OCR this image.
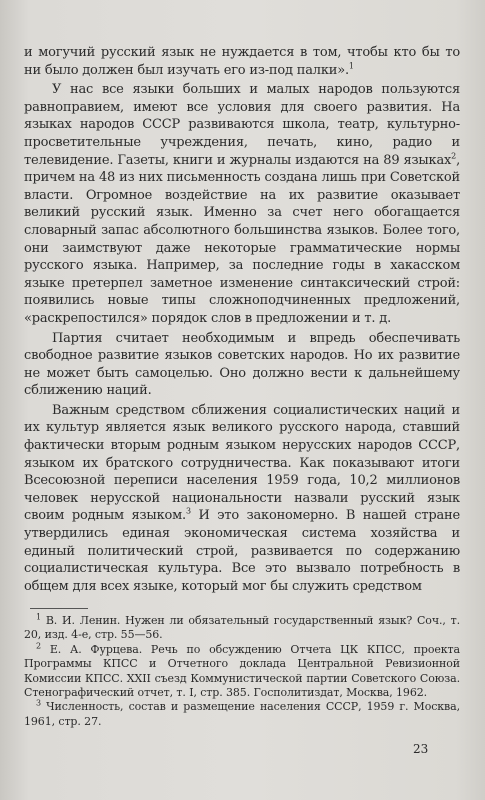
и могучий русский язык не нуждается в том, чтобы кто бы то ни было должен был изучать его из-под палки».$^1$

У нас все языки больших и малых народов пользуются равноправием, имеют все условия для своего развития. На языках народов СССР развиваются школа, театр, культурно-просветительные учреждения, печать, кино, радио и телевидение. Газеты, книги и журналы издаются на 89 языках$^2$, причем на 48 из них письменность создана лишь при Советской власти. Огромное воздействие на их развитие оказывает великий русский язык. Именно за счет него обогащается словарный запас абсолютного большинства языков. Более того, они заимствуют даже некоторые грамматические нормы русского языка. Например, за последние годы в хакасском языке претерпел заметное изменение синтаксический строй: появились новые типы сложноподчиненных предложений, «раскрепостился» порядок слов в предложении и т. д.

Партия считает необходимым и впредь обеспечивать свободное развитие языков советских народов. Но их развитие не может быть самоцелью. Оно должно вести к дальнейшему сближению наций.

Важным средством сближения социалистических наций и их культур является язык великого русского народа, ставший фактически вторым родным языком нерусских народов СССР, языком их братского сотрудничества. Как показывают итоги Всесоюзной переписи населения 1959 года, 10,2 миллионов человек нерусской национальности назвали русский язык своим родным языком.$^3$ И это закономерно. В нашей стране утвердились единая экономическая система хозяйства и единый политический строй, развивается по содержанию социалистическая культура. Все это вызвало потребность в общем для всех языке, который мог бы служить средством

$^1$ В. И. Ленин. Нужен ли обязательный государственный язык? Соч., т. 20, изд. 4-е, стр. 55—56.

$^2$ Е. А. Фурцева. Речь по обсуждению Отчета ЦК КПСС, проекта Программы КПСС и Отчетного доклада Центральной Ревизионной Комиссии КПСС. XXII съезд Коммунистической партии Советского Союза. Стенографический отчет, т. I, стр. 385. Госполитиздат, Москва, 1962.

$^3$ Численность, состав и размещение населения СССР, 1959 г. Москва, 1961, стр. 27.

23
